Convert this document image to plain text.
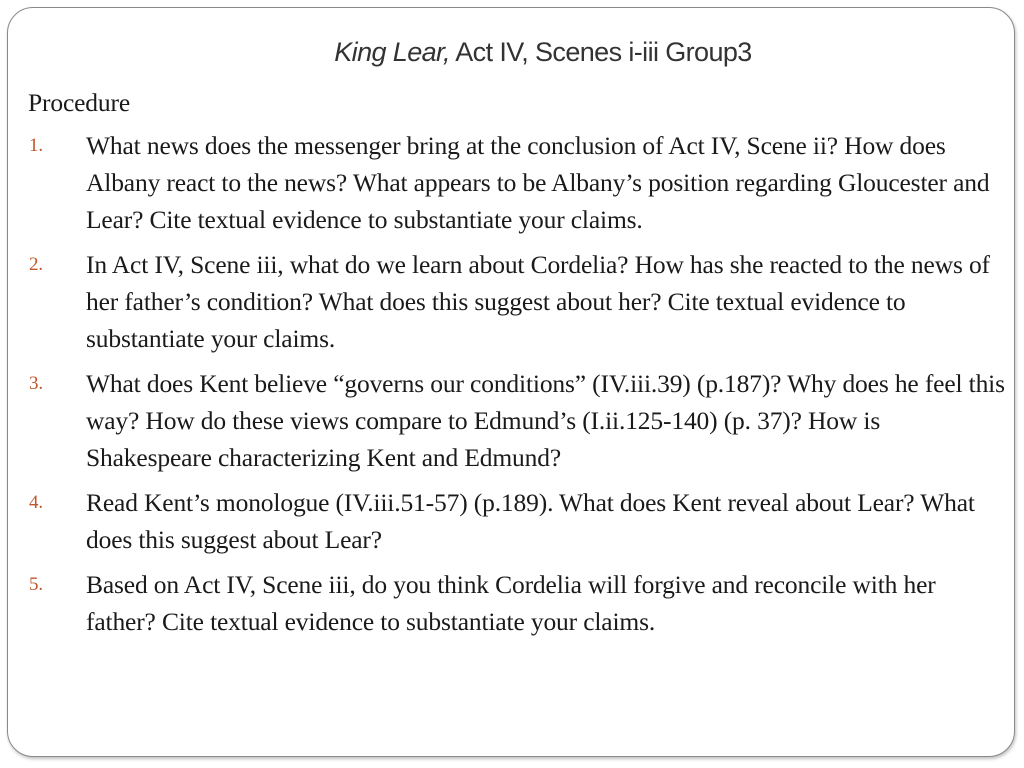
King Lear, Act IV, Scenes i-iii Group3
Procedure
1. What news does the messenger bring at the conclusion of Act IV, Scene ii? How does Albany react to the news? What appears to be Albany’s position regarding Gloucester and Lear? Cite textual evidence to substantiate your claims.
2. In Act IV, Scene iii, what do we learn about Cordelia? How has she reacted to the news of her father’s condition? What does this suggest about her? Cite textual evidence to substantiate your claims.
3. What does Kent believe “governs our conditions” (IV.iii.39) (p.187)? Why does he feel this way? How do these views compare to Edmund’s (I.ii.125-140) (p. 37)? How is Shakespeare characterizing Kent and Edmund?
4. Read Kent’s monologue (IV.iii.51-57) (p.189). What does Kent reveal about Lear? What does this suggest about Lear?
5. Based on Act IV, Scene iii, do you think Cordelia will forgive and reconcile with her father? Cite textual evidence to substantiate your claims.
